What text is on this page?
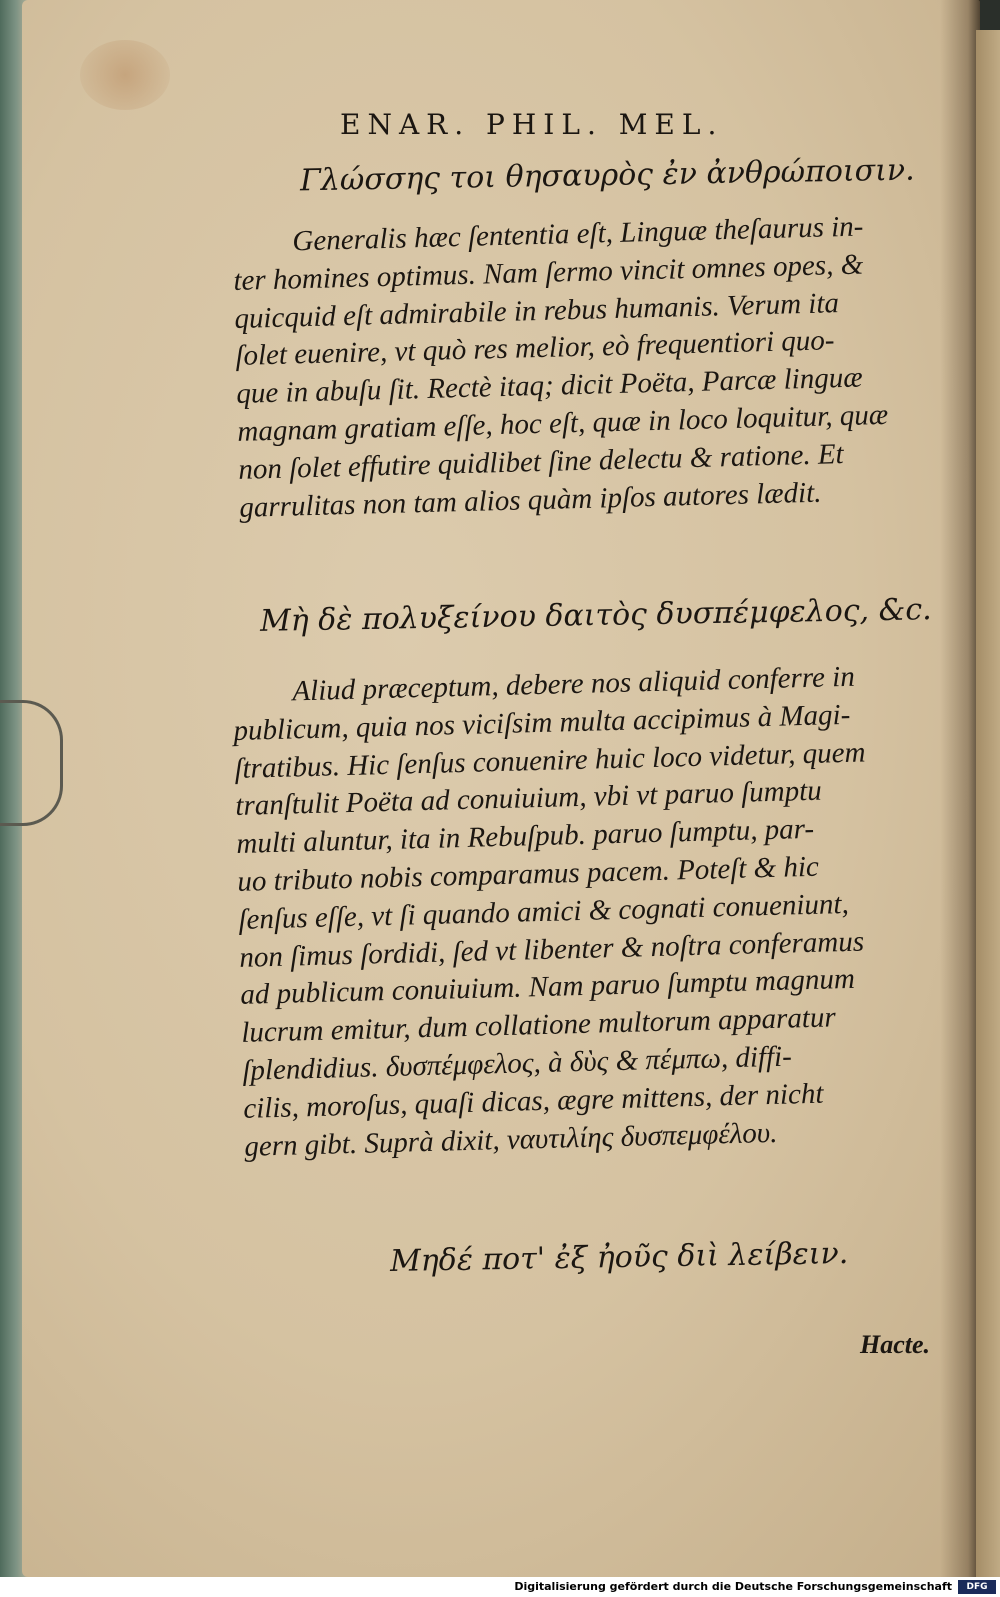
ENAR. PHIL. MEL.
Γλώσσης τοι θησαυρὸς ἐν ἀνθρώποισιν.
Generalis hæc ſententia eſt, Linguæ theſaurus in-
ter homines optimus. Nam ſermo vincit omnes opes, &
quicquid eſt admirabile in rebus humanis. Verum ita
ſolet euenire, vt quò res melior, eò frequentiori quo-
que in abuſu ſit. Rectè itaq; dicit Poëta, Parcæ linguæ
magnam gratiam eſſe, hoc eſt, quæ in loco loquitur, quæ
non ſolet effutire quidlibet ſine delectu & ratione. Et
garrulitas non tam alios quàm ipſos autores lædit.
Μὴ δὲ πολυξείνου δαιτὸς δυσπέμφελος, &c.
Aliud præceptum, debere nos aliquid conferre in
publicum, quia nos viciſsim multa accipimus à Magi-
ſtratibus. Hic ſenſus conuenire huic loco videtur, quem
tranſtulit Poëta ad conuiuium, vbi vt paruo ſumptu
multi aluntur, ita in Rebuſpub. paruo ſumptu, par-
uo tributo nobis comparamus pacem. Poteſt & hic
ſenſus eſſe, vt ſi quando amici & cognati conueniunt,
non ſimus ſordidi, ſed vt libenter & noſtra conferamus
ad publicum conuiuium. Nam paruo ſumptu magnum
lucrum emitur, dum collatione multorum apparatur
ſplendidius. δυσπέμφελος, à δὺς & πέμπω, diffi-
cilis, moroſus, quaſi dicas, ægre mittens, der nicht
gern gibt. Suprà dixit, ναυτιλίης δυσπεμφέλου.
Μηδέ ποτ' ἐξ ἠοῦς διὶ λείβειν.
Hacte.
Digitalisierung gefördert durch die Deutsche Forschungsgemeinschaft	DFG
